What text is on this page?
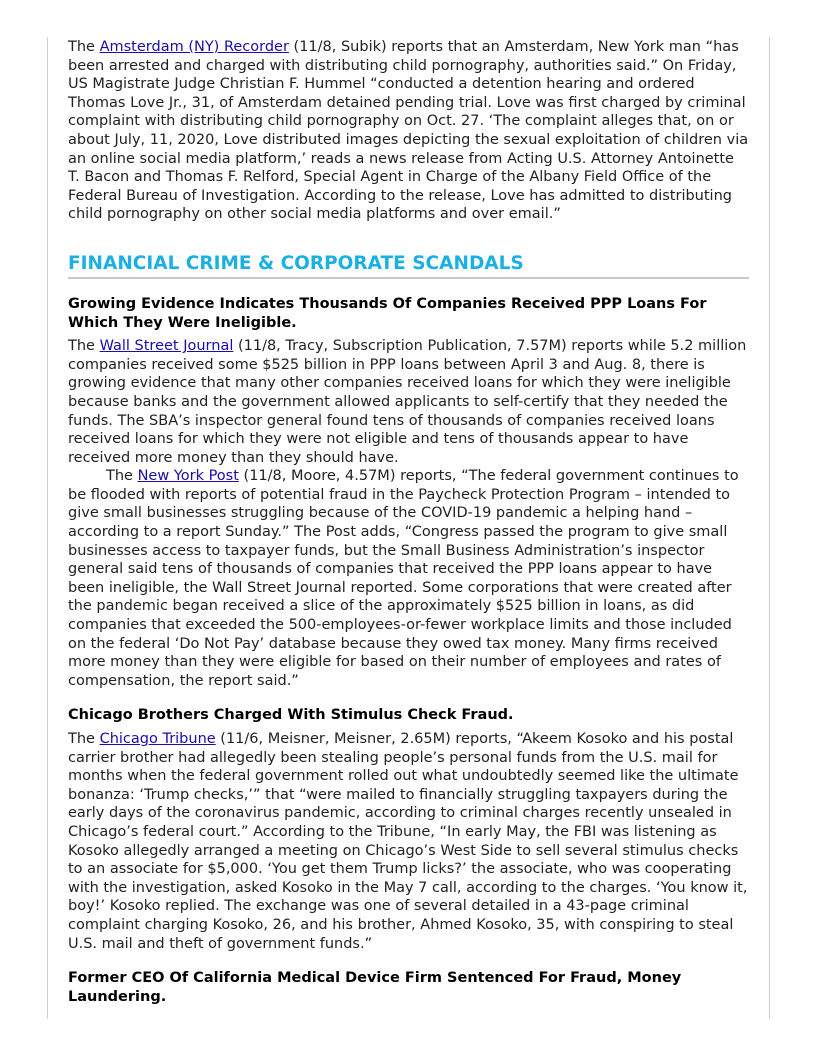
The Amsterdam (NY) Recorder (11/8, Subik) reports that an Amsterdam, New York man “has been arrested and charged with distributing child pornography, authorities said.” On Friday, US Magistrate Judge Christian F. Hummel “conducted a detention hearing and ordered Thomas Love Jr., 31, of Amsterdam detained pending trial. Love was first charged by criminal complaint with distributing child pornography on Oct. 27. ‘The complaint alleges that, on or about July, 11, 2020, Love distributed images depicting the sexual exploitation of children via an online social media platform,’ reads a news release from Acting U.S. Attorney Antoinette T. Bacon and Thomas F. Relford, Special Agent in Charge of the Albany Field Office of the Federal Bureau of Investigation. According to the release, Love has admitted to distributing child pornography on other social media platforms and over email.”

FINANCIAL CRIME & CORPORATE SCANDALS
Growing Evidence Indicates Thousands Of Companies Received PPP Loans For Which They Were Ineligible.

The Wall Street Journal (11/8, Tracy, Subscription Publication, 7.57M) reports while 5.2 million companies received some $525 billion in PPP loans between April 3 and Aug. 8, there is growing evidence that many other companies received loans for which they were ineligible because banks and the government allowed applicants to self-certify that they needed the funds. The SBA’s inspector general found tens of thousands of companies received loans received loans for which they were not eligible and tens of thousands appear to have received more money than they should have.

The New York Post (11/8, Moore, 4.57M) reports, “The federal government continues to be flooded with reports of potential fraud in the Paycheck Protection Program – intended to give small businesses struggling because of the COVID-19 pandemic a helping hand – according to a report Sunday.” The Post adds, “Congress passed the program to give small businesses access to taxpayer funds, but the Small Business Administration’s inspector general said tens of thousands of companies that received the PPP loans appear to have been ineligible, the Wall Street Journal reported. Some corporations that were created after the pandemic began received a slice of the approximately $525 billion in loans, as did companies that exceeded the 500-employees-or-fewer workplace limits and those included on the federal ‘Do Not Pay’ database because they owed tax money. Many firms received more money than they were eligible for based on their number of employees and rates of compensation, the report said.”

Chicago Brothers Charged With Stimulus Check Fraud.

The Chicago Tribune (11/6, Meisner, Meisner, 2.65M) reports, “Akeem Kosoko and his postal carrier brother had allegedly been stealing people’s personal funds from the U.S. mail for months when the federal government rolled out what undoubtedly seemed like the ultimate bonanza: ‘Trump checks,’” that “were mailed to financially struggling taxpayers during the early days of the coronavirus pandemic, according to criminal charges recently unsealed in Chicago’s federal court.” According to the Tribune, “In early May, the FBI was listening as Kosoko allegedly arranged a meeting on Chicago’s West Side to sell several stimulus checks to an associate for $5,000. ‘You get them Trump licks?’ the associate, who was cooperating with the investigation, asked Kosoko in the May 7 call, according to the charges. ‘You know it, boy!’ Kosoko replied. The exchange was one of several detailed in a 43-page criminal complaint charging Kosoko, 26, and his brother, Ahmed Kosoko, 35, with conspiring to steal U.S. mail and theft of government funds.”

Former CEO Of California Medical Device Firm Sentenced For Fraud, Money Laundering.
